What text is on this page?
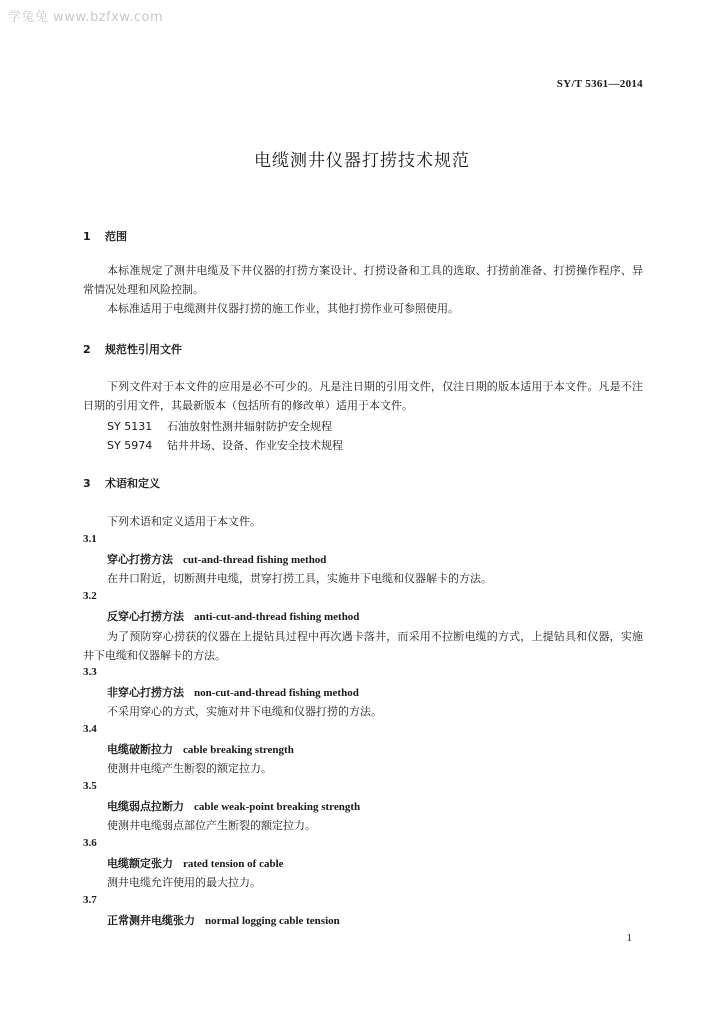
学兔兔 www.bzfxw.com
SY/T 5361—2014
电缆测井仪器打捞技术规范
1 范围
本标准规定了测井电缆及下井仪器的打捞方案设计、打捞设备和工具的选取、打捞前准备、打捞操作程序、异常情况处理和风险控制。
本标准适用于电缆测井仪器打捞的施工作业，其他打捞作业可参照使用。
2 规范性引用文件
下列文件对于本文件的应用是必不可少的。凡是注日期的引用文件，仅注日期的版本适用于本文件。凡是不注日期的引用文件，其最新版本（包括所有的修改单）适用于本文件。
SY 5131 石油放射性测井辐射防护安全规程
SY 5974 钻井井场、设备、作业安全技术规程
3 术语和定义
下列术语和定义适用于本文件。
3.1
穿心打捞方法 cut-and-thread fishing method
在井口附近，切断测井电缆，贯穿打捞工具，实施井下电缆和仪器解卡的方法。
3.2
反穿心打捞方法 anti-cut-and-thread fishing method
为了预防穿心捞获的仪器在上提钻具过程中再次遇卡落井，而采用不拉断电缆的方式，上提钻具和仪器，实施井下电缆和仪器解卡的方法。
3.3
非穿心打捞方法 non-cut-and-thread fishing method
不采用穿心的方式，实施对井下电缆和仪器打捞的方法。
3.4
电缆破断拉力 cable breaking strength
使测井电缆产生断裂的额定拉力。
3.5
电缆弱点拉断力 cable weak-point breaking strength
使测井电缆弱点部位产生断裂的额定拉力。
3.6
电缆额定张力 rated tension of cable
测井电缆允许使用的最大拉力。
3.7
正常测井电缆张力 normal logging cable tension
1
